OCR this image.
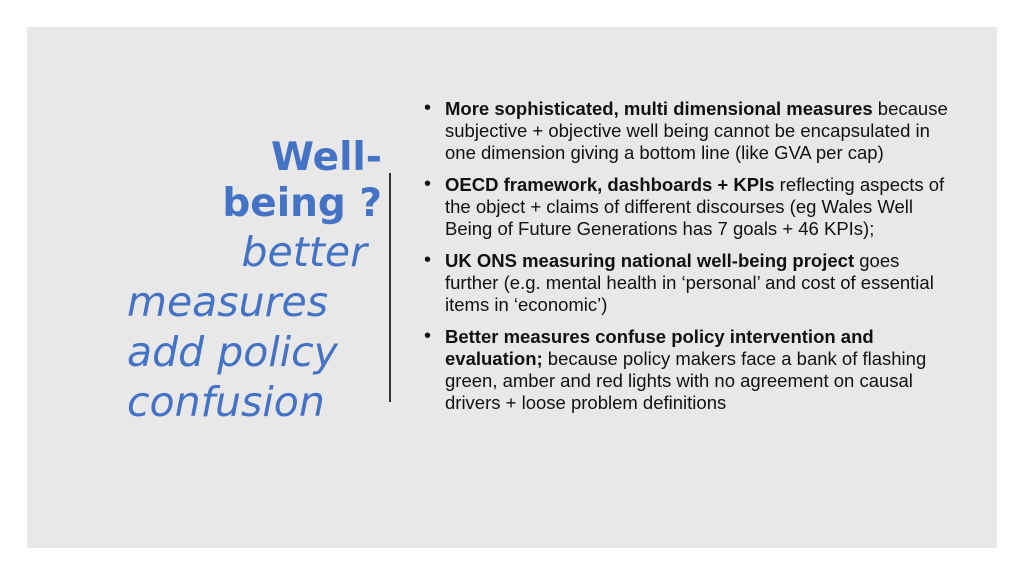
Well-
being ?
better
measures
add policy
confusion
• More sophisticated, multi dimensional measures because subjective + objective well being cannot be encapsulated in one dimension giving a bottom line (like GVA per cap)
• OECD framework, dashboards + KPIs reflecting aspects of the object + claims of different discourses (eg Wales Well Being of Future Generations has 7 goals + 46 KPIs);
• UK ONS measuring national well-being project goes further (e.g. mental health in ‘personal’ and cost of essential items in ‘economic’)
• Better measures confuse policy intervention and evaluation; because policy makers face a bank of flashing green, amber and red lights with no agreement on causal drivers + loose problem definitions
